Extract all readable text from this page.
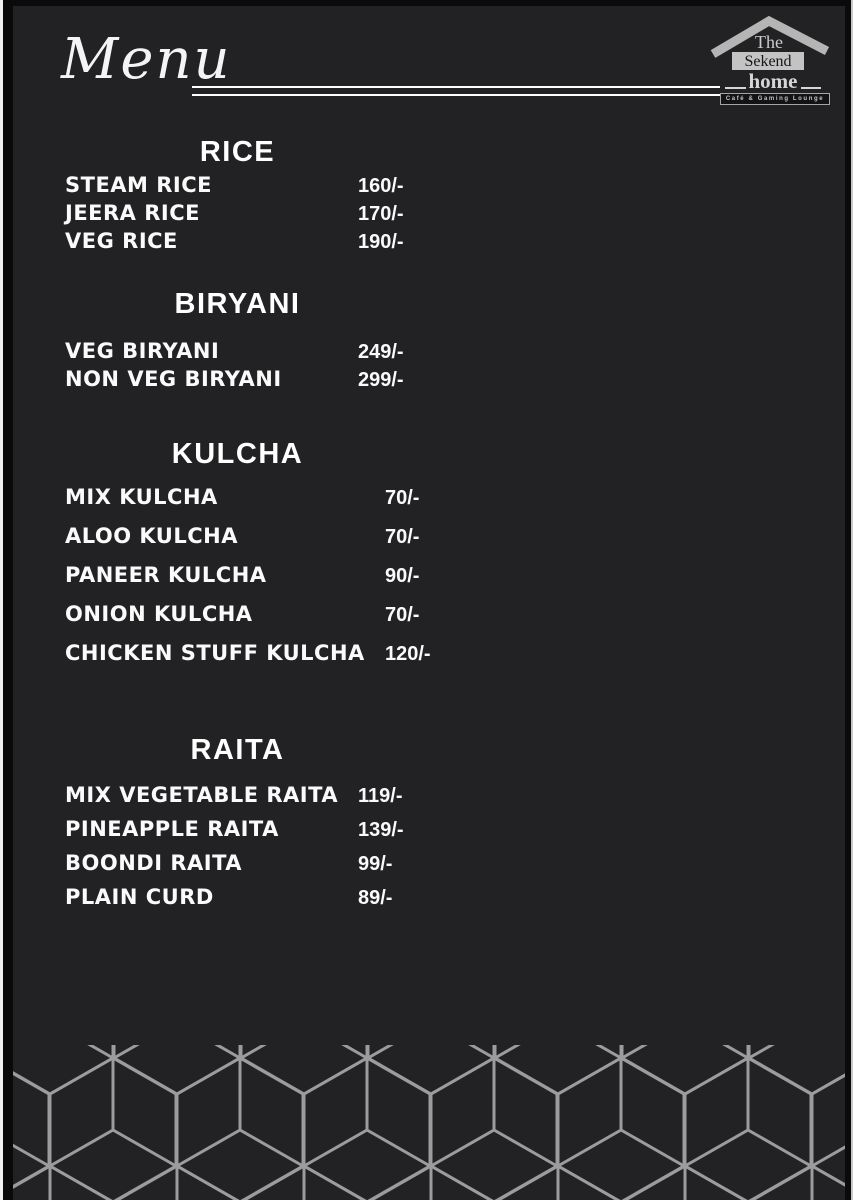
Menu	The
Sekend
home
Café & Gaming Lounge
RICE
STEAM RICE	160/-
JEERA RICE	170/-
VEG RICE	190/-
BIRYANI
VEG BIRYANI	249/-
NON VEG BIRYANI	299/-
KULCHA
MIX KULCHA	70/-
ALOO KULCHA	70/-
PANEER KULCHA	90/-
ONION KULCHA	70/-
CHICKEN STUFF KULCHA 120/-
RAITA
MIX VEGETABLE RAITA 119/-
PINEAPPLE RAITA	139/-
BOONDI RAITA	99/-
PLAIN CURD	89/-
